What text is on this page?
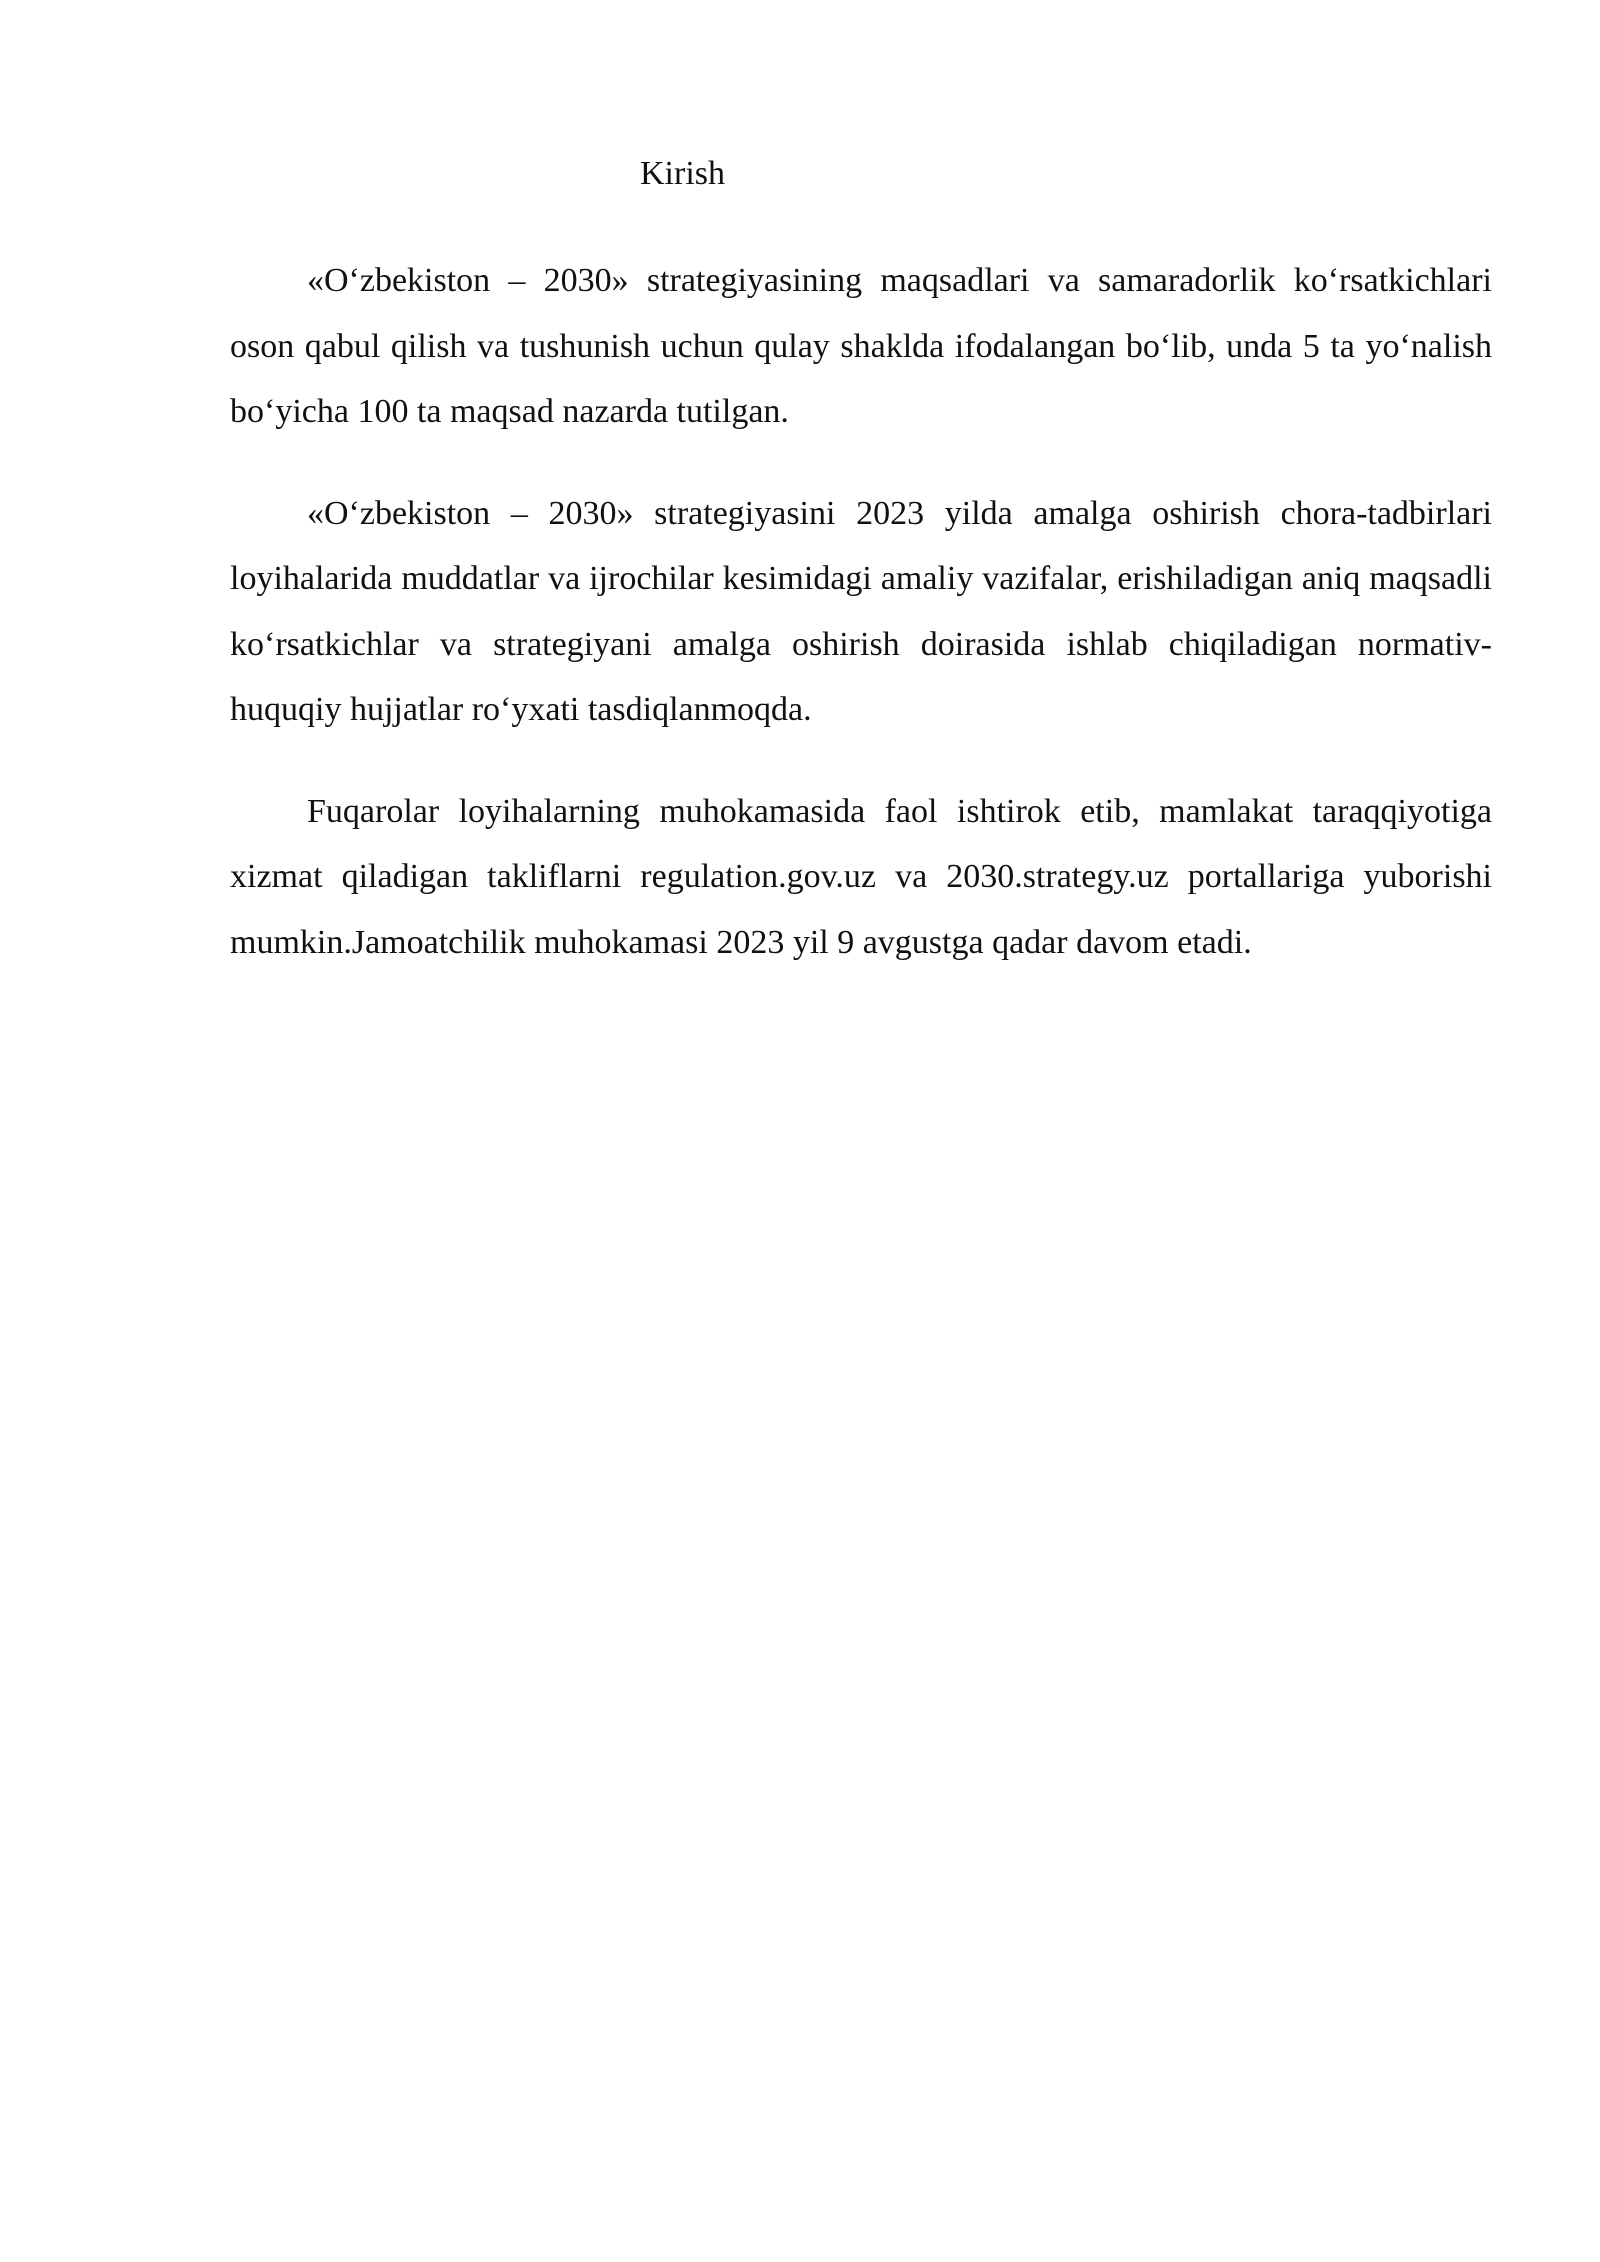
Kirish

«O‘zbekiston – 2030» strategiyasining maqsadlari va samaradorlik ko‘rsatkichlari oson qabul qilish va tushunish uchun qulay shaklda ifodalangan bo‘lib, unda 5 ta yo‘nalish bo‘yicha 100 ta maqsad nazarda tutilgan.

«O‘zbekiston – 2030» strategiyasini 2023 yilda amalga oshirish chora-tadbirlari loyihalarida muddatlar va ijrochilar kesimidagi amaliy vazifalar, erishiladigan aniq maqsadli ko‘rsatkichlar va strategiyani amalga oshirish doirasida ishlab chiqiladigan normativ-huquqiy hujjatlar ro‘yxati tasdiqlanmoqda.

Fuqarolar loyihalarning muhokamasida faol ishtirok etib, mamlakat taraqqiyotiga xizmat qiladigan takliflarni regulation.gov.uz va 2030.strategy.uz portallariga yuborishi mumkin.Jamoatchilik muhokamasi 2023 yil 9 avgustga qadar davom etadi.
